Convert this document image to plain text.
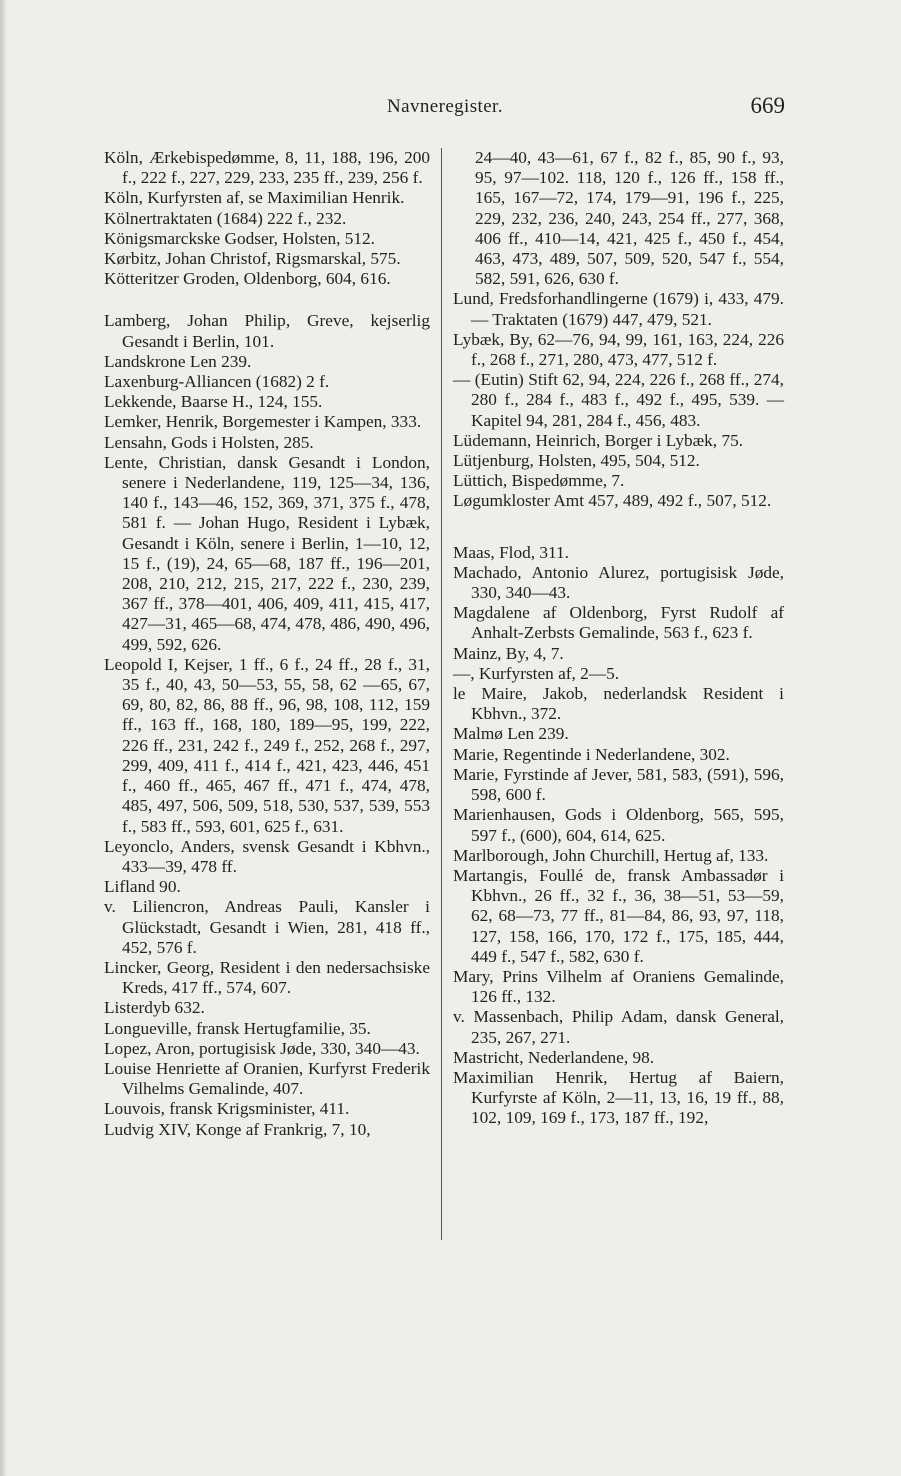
Navneregister.	669

Köln, Ærkebispedømme, 8, 11, 188, 196, 200 f., 222 f., 227, 229, 233, 235 ff., 239, 256 f.

Köln, Kurfyrsten af, se Maximilian Henrik.

Kölnertraktaten (1684) 222 f., 232.

Königsmarckske Godser, Holsten, 512.

Kørbitz, Johan Christof, Rigsmarskal, 575.

Kötteritzer Groden, Oldenborg, 604, 616.

Lamberg, Johan Philip, Greve, kejserlig Gesandt i Berlin, 101.

Landskrone Len 239.

Laxenburg-Alliancen (1682) 2 f.

Lekkende, Baarse H., 124, 155.

Lemker, Henrik, Borgemester i Kampen, 333.

Lensahn, Gods i Holsten, 285.

Lente, Christian, dansk Gesandt i London, senere i Nederlandene, 119, 125—34, 136, 140 f., 143—46, 152, 369, 371, 375 f., 478, 581 f. — Johan Hugo, Resident i Lybæk, Gesandt i Köln, senere i Berlin, 1—10, 12, 15 f., (19), 24, 65—68, 187 ff., 196—201, 208, 210, 212, 215, 217, 222 f., 230, 239, 367 ff., 378—401, 406, 409, 411, 415, 417, 427—31, 465—68, 474, 478, 486, 490, 496, 499, 592, 626.

Leopold I, Kejser, 1 ff., 6 f., 24 ff., 28 f., 31, 35 f., 40, 43, 50—53, 55, 58, 62 —65, 67, 69, 80, 82, 86, 88 ff., 96, 98, 108, 112, 159 ff., 163 ff., 168, 180, 189—95, 199, 222, 226 ff., 231, 242 f., 249 f., 252, 268 f., 297, 299, 409, 411 f., 414 f., 421, 423, 446, 451 f., 460 ff., 465, 467 ff., 471 f., 474, 478, 485, 497, 506, 509, 518, 530, 537, 539, 553 f., 583 ff., 593, 601, 625 f., 631.

Leyonclo, Anders, svensk Gesandt i Kbhvn., 433—39, 478 ff.

Lifland 90.

v. Liliencron, Andreas Pauli, Kansler i Glückstadt, Gesandt i Wien, 281, 418 ff., 452, 576 f.

Lincker, Georg, Resident i den nedersachsiske Kreds, 417 ff., 574, 607.

Listerdyb 632.

Longueville, fransk Hertugfamilie, 35.

Lopez, Aron, portugisisk Jøde, 330, 340—43.

Louise Henriette af Oranien, Kurfyrst Frederik Vilhelms Gemalinde, 407.

Louvois, fransk Krigsminister, 411.

Ludvig XIV, Konge af Frankrig, 7, 10,

24—40, 43—61, 67 f., 82 f., 85, 90 f., 93, 95, 97—102. 118, 120 f., 126 ff., 158 ff., 165, 167—72, 174, 179—91, 196 f., 225, 229, 232, 236, 240, 243, 254 ff., 277, 368, 406 ff., 410—14, 421, 425 f., 450 f., 454, 463, 473, 489, 507, 509, 520, 547 f., 554, 582, 591, 626, 630 f.

Lund, Fredsforhandlingerne (1679) i, 433, 479. — Traktaten (1679) 447, 479, 521.

Lybæk, By, 62—76, 94, 99, 161, 163, 224, 226 f., 268 f., 271, 280, 473, 477, 512 f.

— (Eutin) Stift 62, 94, 224, 226 f., 268 ff., 274, 280 f., 284 f., 483 f., 492 f., 495, 539. — Kapitel 94, 281, 284 f., 456, 483.

Lüdemann, Heinrich, Borger i Lybæk, 75.

Lütjenburg, Holsten, 495, 504, 512.

Lüttich, Bispedømme, 7.

Løgumkloster Amt 457, 489, 492 f., 507, 512.

Maas, Flod, 311.

Machado, Antonio Alurez, portugisisk Jøde, 330, 340—43.

Magdalene af Oldenborg, Fyrst Rudolf af Anhalt-Zerbsts Gemalinde, 563 f., 623 f.

Mainz, By, 4, 7.

—, Kurfyrsten af, 2—5.

le Maire, Jakob, nederlandsk Resident i Kbhvn., 372.

Malmø Len 239.

Marie, Regentinde i Nederlandene, 302.

Marie, Fyrstinde af Jever, 581, 583, (591), 596, 598, 600 f.

Marienhausen, Gods i Oldenborg, 565, 595, 597 f., (600), 604, 614, 625.

Marlborough, John Churchill, Hertug af, 133.

Martangis, Foullé de, fransk Ambassadør i Kbhvn., 26 ff., 32 f., 36, 38—51, 53—59, 62, 68—73, 77 ff., 81—84, 86, 93, 97, 118, 127, 158, 166, 170, 172 f., 175, 185, 444, 449 f., 547 f., 582, 630 f.

Mary, Prins Vilhelm af Oraniens Gemalinde, 126 ff., 132.

v. Massenbach, Philip Adam, dansk General, 235, 267, 271.

Mastricht, Nederlandene, 98.

Maximilian Henrik, Hertug af Baiern, Kurfyrste af Köln, 2—11, 13, 16, 19 ff., 88, 102, 109, 169 f., 173, 187 ff., 192,
